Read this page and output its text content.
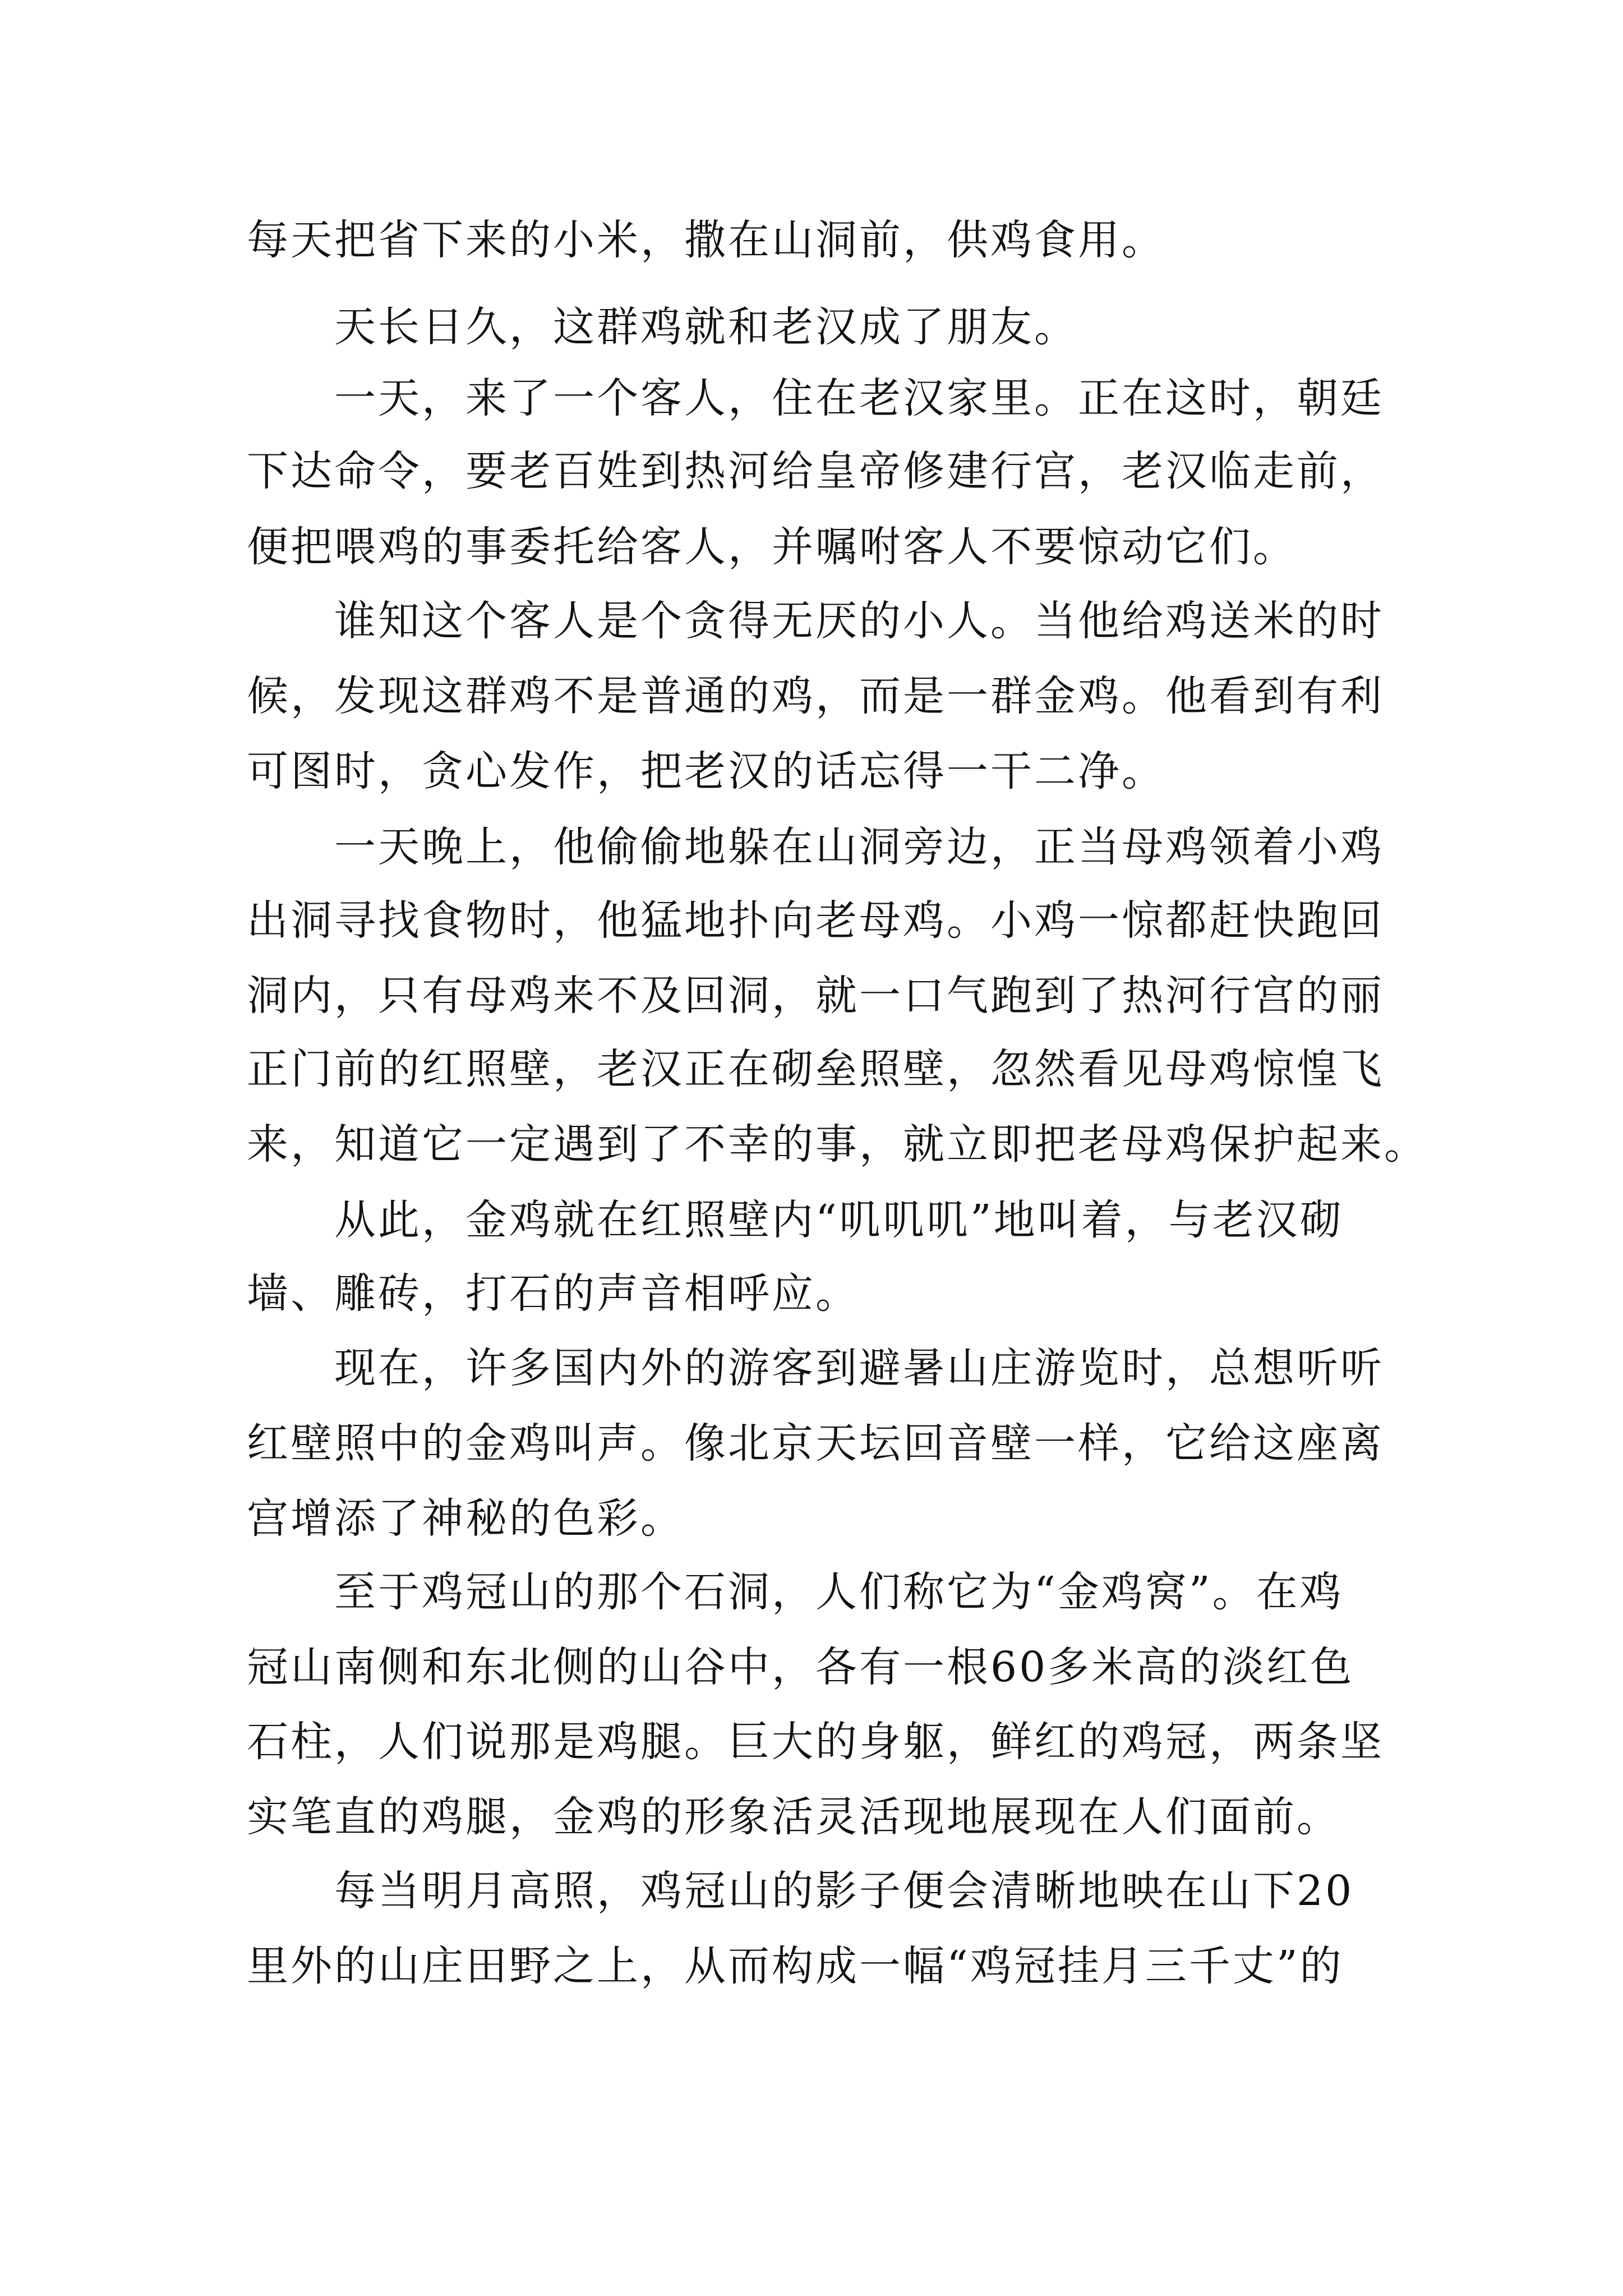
每天把省下来的小米，撒在山洞前，供鸡食用。
　　天长日久，这群鸡就和老汉成了朋友。
　　一天，来了一个客人，住在老汉家里。正在这时，朝廷
下达命令，要老百姓到热河给皇帝修建行宫，老汉临走前，
便把喂鸡的事委托给客人，并嘱咐客人不要惊动它们。
　　谁知这个客人是个贪得无厌的小人。当他给鸡送米的时
候，发现这群鸡不是普通的鸡，而是一群金鸡。他看到有利
可图时，贪心发作，把老汉的话忘得一干二净。
　　一天晚上，他偷偷地躲在山洞旁边，正当母鸡领着小鸡
出洞寻找食物时，他猛地扑向老母鸡。小鸡一惊都赶快跑回
洞内，只有母鸡来不及回洞，就一口气跑到了热河行宫的丽
正门前的红照壁，老汉正在砌垒照壁，忽然看见母鸡惊惶飞
来，知道它一定遇到了不幸的事，就立即把老母鸡保护起来。
　　从此，金鸡就在红照壁内“叽叽叽”地叫着，与老汉砌
墙、雕砖，打石的声音相呼应。
　　现在，许多国内外的游客到避暑山庄游览时，总想听听
红壁照中的金鸡叫声。像北京天坛回音壁一样，它给这座离
宫增添了神秘的色彩。
　　至于鸡冠山的那个石洞，人们称它为“金鸡窝”。在鸡
冠山南侧和东北侧的山谷中，各有一根60多米高的淡红色
石柱，人们说那是鸡腿。巨大的身躯，鲜红的鸡冠，两条坚
实笔直的鸡腿，金鸡的形象活灵活现地展现在人们面前。
　　每当明月高照，鸡冠山的影子便会清晰地映在山下20
里外的山庄田野之上，从而构成一幅“鸡冠挂月三千丈”的
